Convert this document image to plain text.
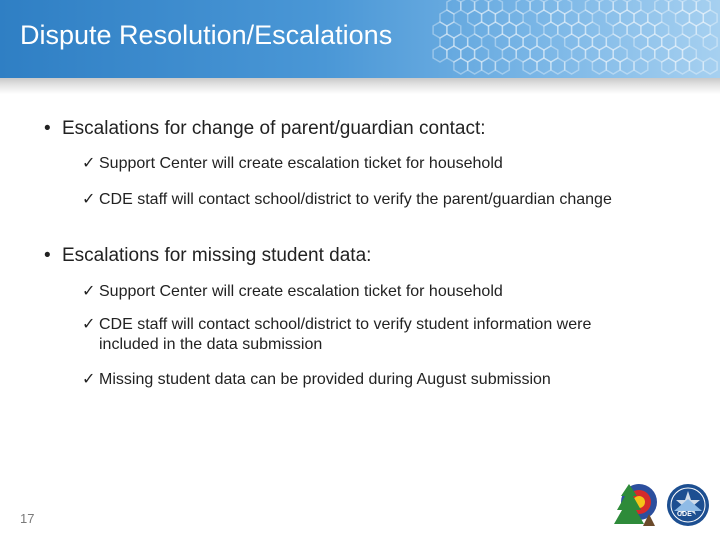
Dispute Resolution/Escalations
• Escalations for change of parent/guardian contact:
✓ Support Center will create escalation ticket for household
✓ CDE staff will contact school/district to verify the parent/guardian change
• Escalations for missing student data:
✓ Support Center will create escalation ticket for household
✓ CDE staff will contact school/district to verify student information were included in the data submission
✓ Missing student data can be provided during August submission
17	CDE
